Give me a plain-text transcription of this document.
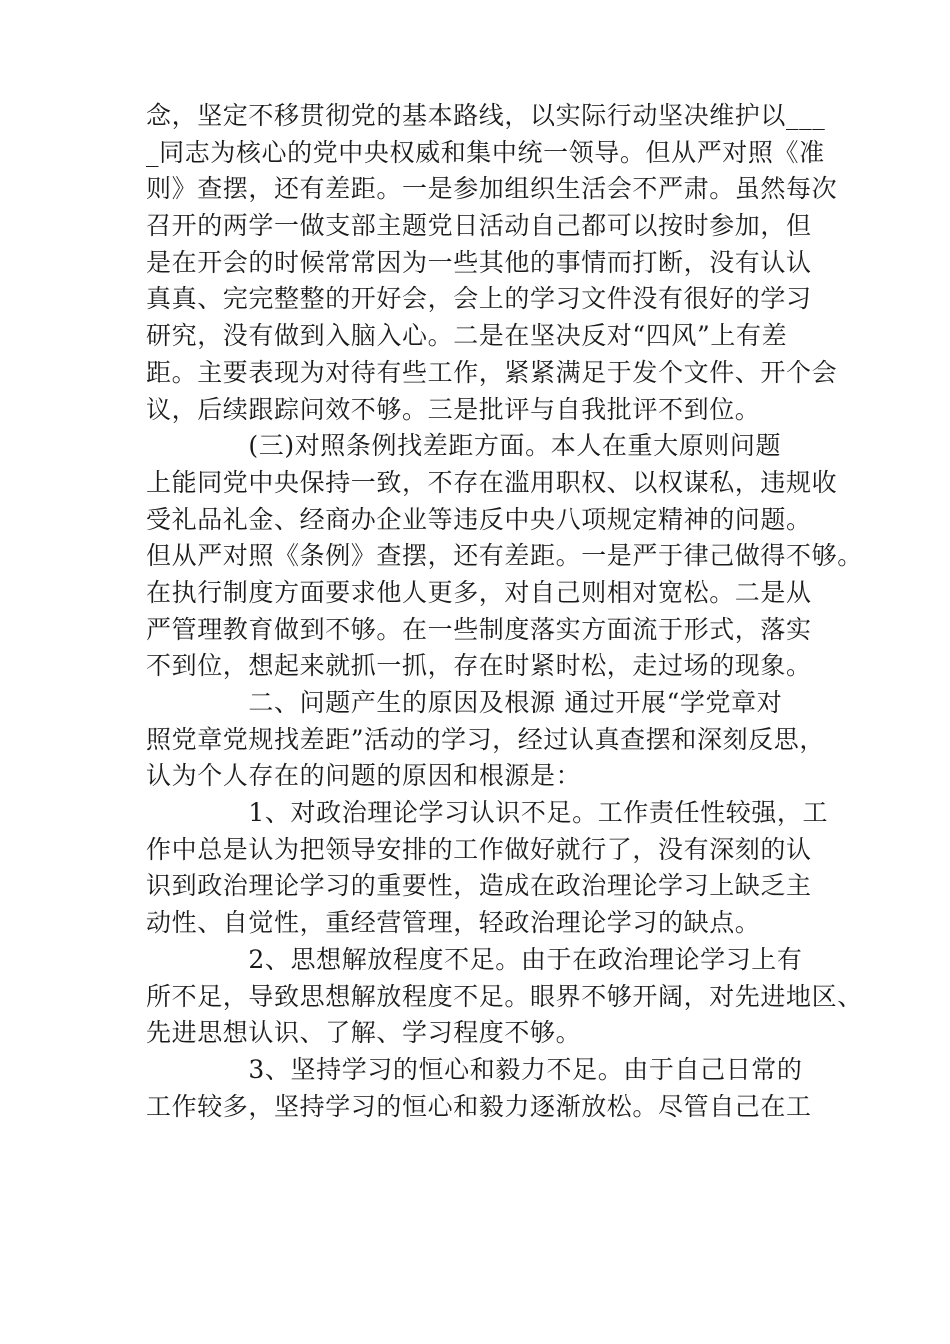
念，坚定不移贯彻党的基本路线，以实际行动坚决维护以___
_同志为核心的党中央权威和集中统一领导。但从严对照《准
则》查摆，还有差距。一是参加组织生活会不严肃。虽然每次
召开的两学一做支部主题党日活动自己都可以按时参加，但
是在开会的时候常常因为一些其他的事情而打断，没有认认
真真、完完整整的开好会，会上的学习文件没有很好的学习
研究，没有做到入脑入心。二是在坚决反对“四风”上有差
距。主要表现为对待有些工作，紧紧满足于发个文件、开个会
议，后续跟踪问效不够。三是批评与自我批评不到位。
　　　　(三)对照条例找差距方面。本人在重大原则问题
上能同党中央保持一致，不存在滥用职权、以权谋私，违规收
受礼品礼金、经商办企业等违反中央八项规定精神的问题。
但从严对照《条例》查摆，还有差距。一是严于律己做得不够。
在执行制度方面要求他人更多，对自己则相对宽松。二是从
严管理教育做到不够。在一些制度落实方面流于形式，落实
不到位，想起来就抓一抓，存在时紧时松，走过场的现象。
　　　　二、问题产生的原因及根源 通过开展“学党章对
照党章党规找差距”活动的学习，经过认真查摆和深刻反思，
认为个人存在的问题的原因和根源是：
　　　　1、对政治理论学习认识不足。工作责任性较强，工
作中总是认为把领导安排的工作做好就行了，没有深刻的认
识到政治理论学习的重要性，造成在政治理论学习上缺乏主
动性、自觉性，重经营管理，轻政治理论学习的缺点。
　　　　2、思想解放程度不足。由于在政治理论学习上有
所不足，导致思想解放程度不足。眼界不够开阔，对先进地区、
先进思想认识、了解、学习程度不够。
　　　　3、坚持学习的恒心和毅力不足。由于自己日常的
工作较多，坚持学习的恒心和毅力逐渐放松。尽管自己在工
